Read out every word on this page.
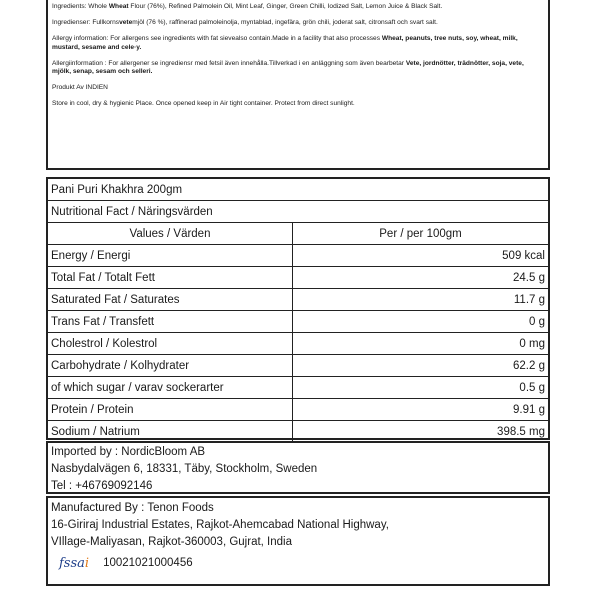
Ingredients: Whole Wheat Flour (76%), Refined Palmolein Oil, Mint Leaf, Ginger, Green Chilli, Iodized Salt, Lemon Juice & Black Salt.

Ingredienser: Fullkornsvetemjöl (76 %), raffinerad palmoleinolja, myntablad, ingefära, grön chili, joderat salt, citronsaft och svart salt.

Allergy information: For allergens see ingredients with fat sievealso contain.Made in a facility that also processes Wheat, peanuts, tree nuts, soy, wheat, milk, mustard, sesame and cele·y.

Allergiinformation : For allergener se ingrediensr med fetsil även innehålla.Tillverkad i en anläggning som även bearbetar Vete, jordnötter, trädnötter, soja, vete, mjölk, senap, sesam och selleri.

Produkt Av INDIEN

Store in cool, dry & hygienic Place. Once opened keep in Air tight container. Protect from direct sunlight.

Pani Puri Khakhra 200gm
Nutritional Fact / Näringsvärden
Values / Värden	Per / per 100gm
Energy / Energi	509 kcal
Total Fat / Totalt Fett	24.5 g
Saturated Fat / Saturates	11.7 g
Trans Fat / Transfett	0 g
Cholestrol / Kolestrol	0 mg
Carbohydrate / Kolhydrater	62.2 g
of which sugar / varav sockerarter	0.5 g
Protein / Protein	9.91 g
Sodium / Natrium	398.5 mg
Imported by : NordicBloom AB
Nasbydalvägen 6, 18331, Täby, Stockholm, Sweden
Tel : +46769092146
Manufactured By : Tenon Foods
16-Giriraj Industrial Estates, Rajkot-Ahemcabad National Highway,
VIllage-Maliyasan, Rajkot-360003, Gujrat, India
fssai 10021021000456
